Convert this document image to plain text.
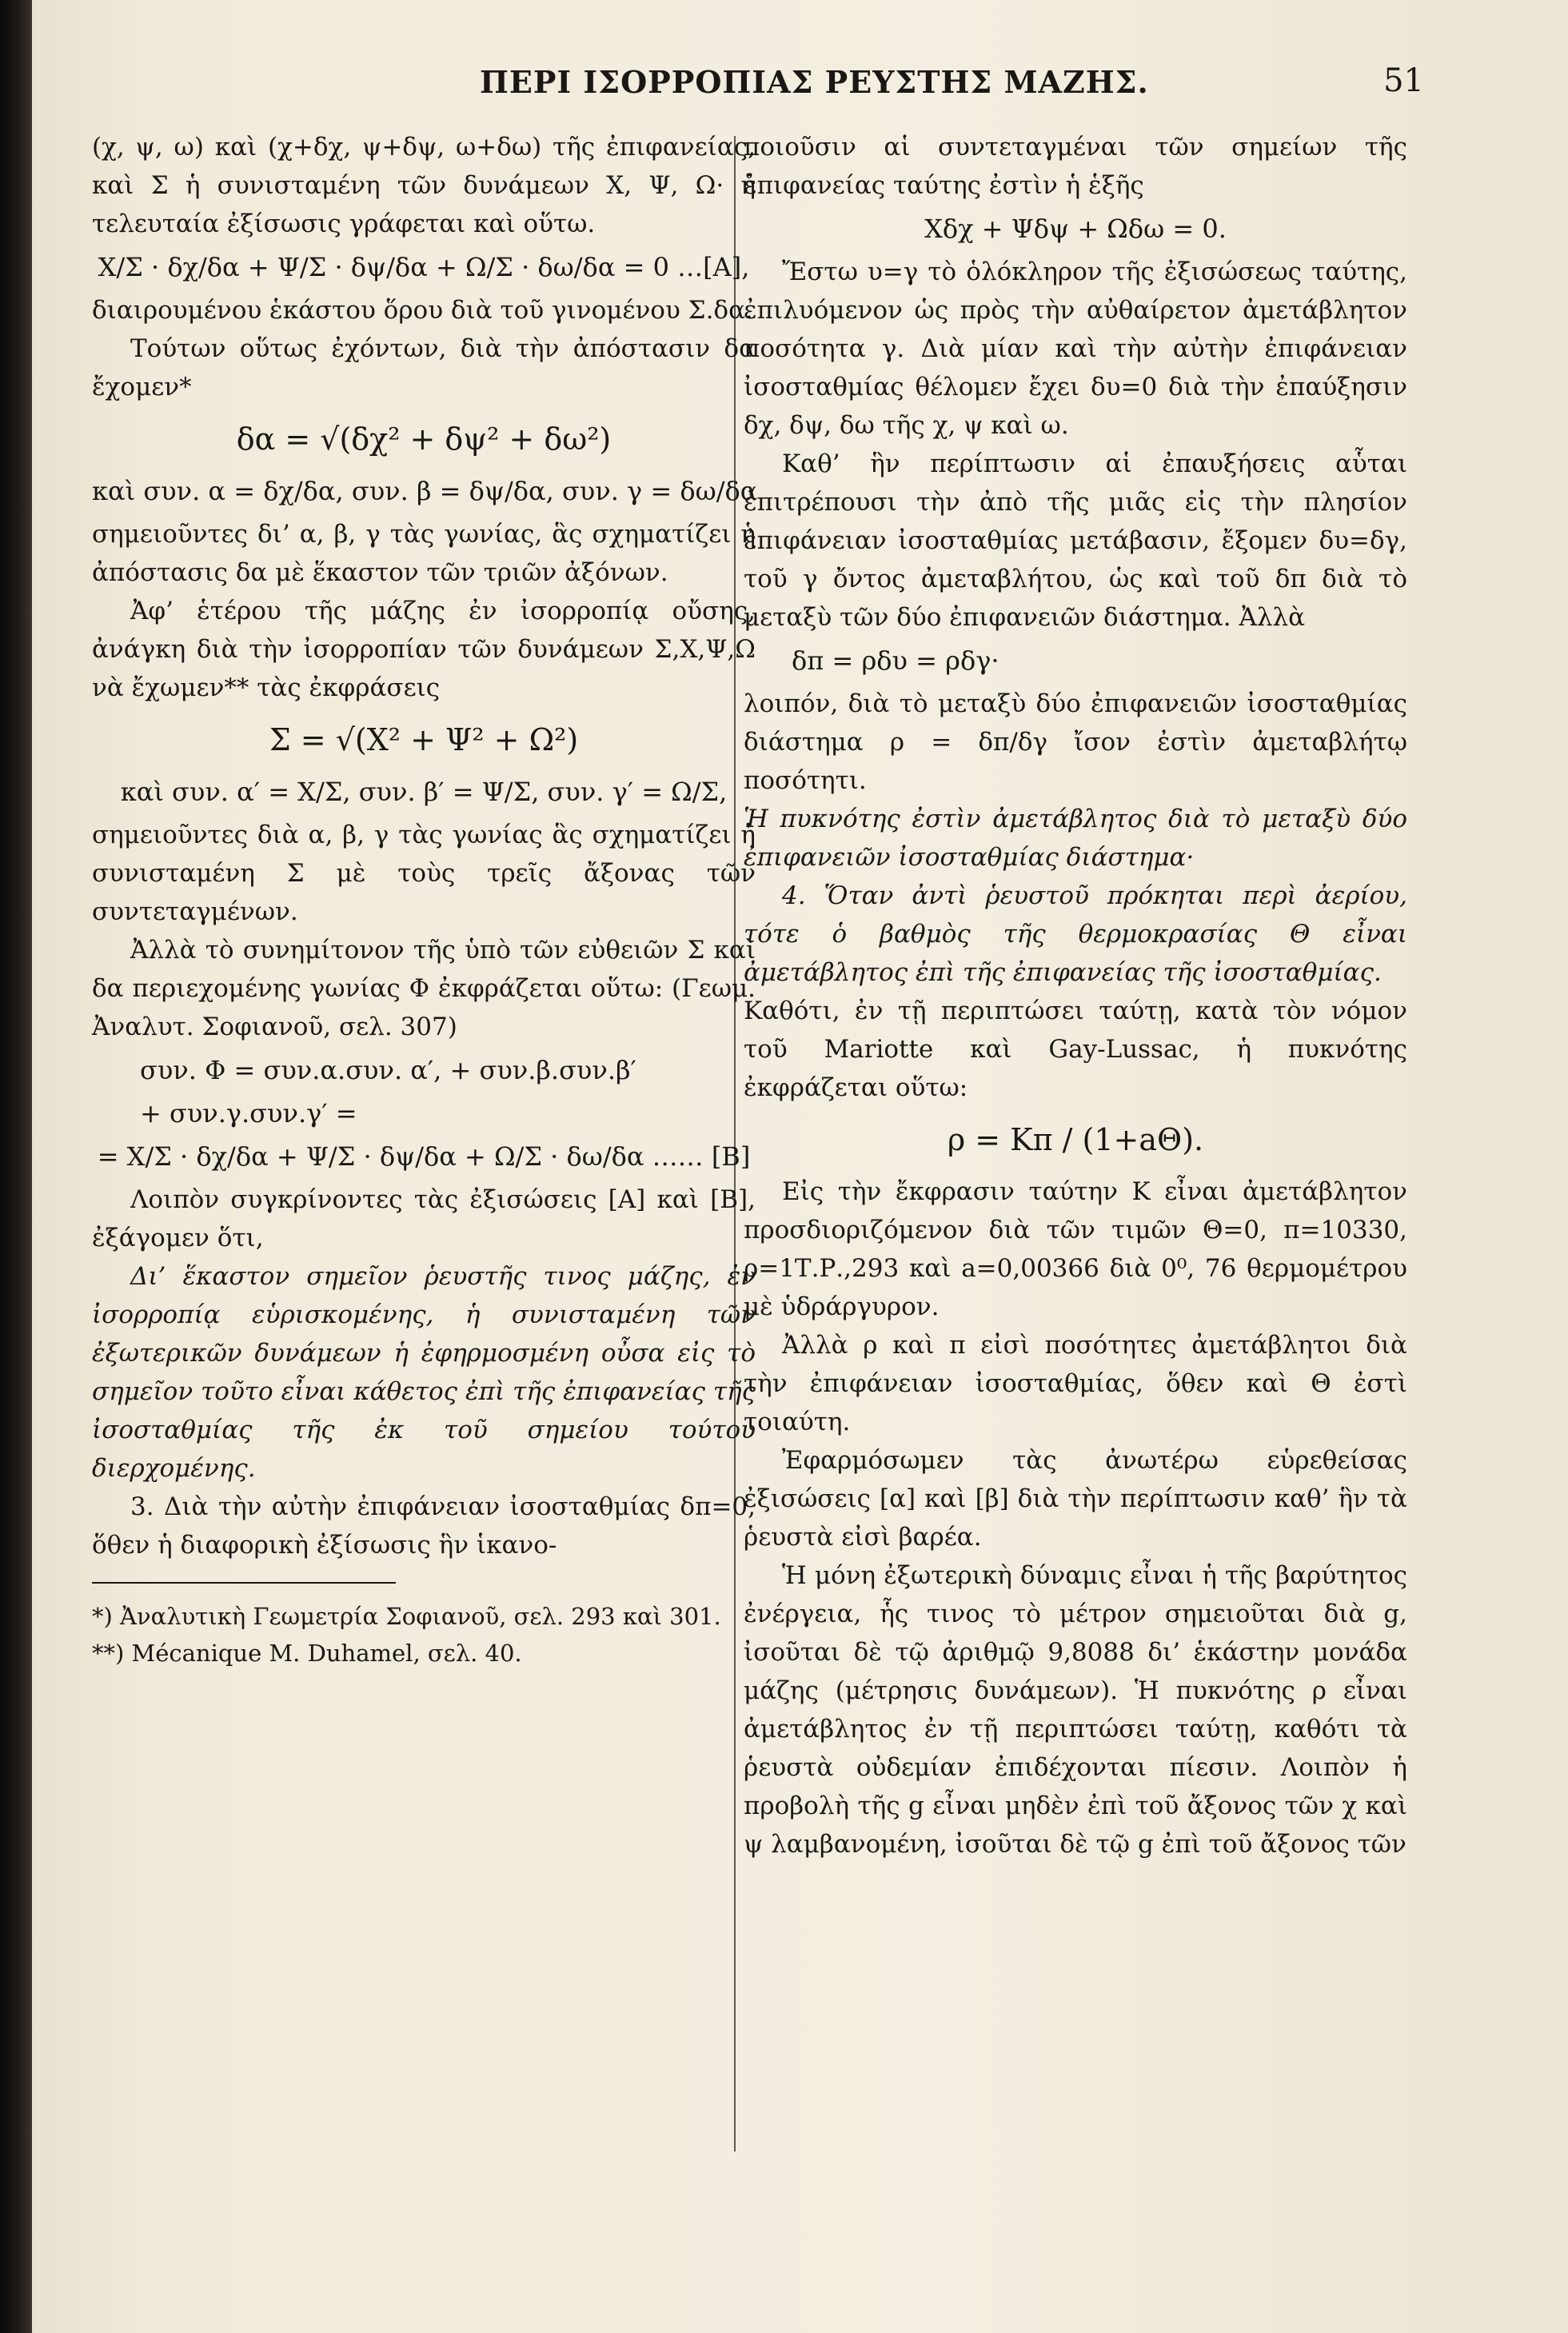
ΠΕΡΙ ΙΣΟΡΡΟΠΙΑΣ ΡΕΥΣΤΗΣ ΜΑΖΗΣ.	51

(χ, ψ, ω) καὶ (χ+δχ, ψ+δψ, ω+δω) τῆς ἐπιφανείας, καὶ Σ ἡ συνισταμένη τῶν δυνάμεων Χ, Ψ, Ω· ἡ τελευταία ἐξίσωσις γράφεται καὶ οὕτω.

Χ/Σ · δχ/δα + Ψ/Σ · δψ/δα + Ω/Σ · δω/δα = 0 …[Α],

διαιρουμένου ἑκάστου ὅρου διὰ τοῦ γινομένου Σ.δα.

Τούτων οὕτως ἐχόντων, διὰ τὴν ἀπόστασιν δα ἔχομεν*

δα = √(δχ² + δψ² + δω²)
καὶ συν. α = δχ/δα, συν. β = δψ/δα, συν. γ = δω/δα

σημειοῦντες δι’ α, β, γ τὰς γωνίας, ἃς σχηματίζει ἡ ἀπόστασις δα μὲ ἕκαστον τῶν τριῶν ἀξόνων.

Ἀφ’ ἑτέρου τῆς μάζης ἐν ἰσορροπίᾳ οὔσης, ἀνάγκη διὰ τὴν ἰσορροπίαν τῶν δυνάμεων Σ,Χ,Ψ,Ω νὰ ἔχωμεν** τὰς ἐκφράσεις

Σ = √(Χ² + Ψ² + Ω²)
καὶ συν. α′ = Χ/Σ, συν. β′ = Ψ/Σ, συν. γ′ = Ω/Σ,

σημειοῦντες διὰ α, β, γ τὰς γωνίας ἃς σχηματίζει ἡ συνισταμένη Σ μὲ τοὺς τρεῖς ἄξονας τῶν συντεταγμένων.

Ἀλλὰ τὸ συνημίτονον τῆς ὑπὸ τῶν εὐθειῶν Σ καὶ δα περιεχομένης γωνίας Φ ἐκφράζεται οὕτω: (Γεωμ. Ἀναλυτ. Σοφιανοῦ, σελ. 307)

συν. Φ = συν.α.συν. α′, + συν.β.συν.β′
+ συν.γ.συν.γ′ =
= Χ/Σ · δχ/δα + Ψ/Σ · δψ/δα + Ω/Σ · δω/δα …… [Β]

Λοιπὸν συγκρίνοντες τὰς ἐξισώσεις [Α] καὶ [Β], ἐξάγομεν ὅτι,

Δι’ ἕκαστον σημεῖον ῥευστῆς τινος μάζης, ἐν ἰσορροπίᾳ εὑρισκομένης, ἡ συνισταμένη τῶν ἐξωτερικῶν δυνάμεων ἡ ἐφηρμοσμένη οὖσα εἰς τὸ σημεῖον τοῦτο εἶναι κάθετος ἐπὶ τῆς ἐπιφανείας τῆς ἰσοσταθμίας τῆς ἐκ τοῦ σημείου τούτου διερχομένης.

3. Διὰ τὴν αὐτὴν ἐπιφάνειαν ἰσοσταθμίας δπ=0, ὅθεν ἡ διαφορικὴ ἐξίσωσις ἣν ἱκανο-

*) Ἀναλυτικὴ Γεωμετρία Σοφιανοῦ, σελ. 293 καὶ 301.

**) Mécanique M. Duhamel, σελ. 40.

ποιοῦσιν αἱ συντεταγμέναι τῶν σημείων τῆς ἐπιφανείας ταύτης ἐστὶν ἡ ἑξῆς

Χδχ + Ψδψ + Ωδω = 0.

Ἔστω υ=γ τὸ ὁλόκληρον τῆς ἐξισώσεως ταύτης, ἐπιλυόμενον ὡς πρὸς τὴν αὐθαίρετον ἀμετάβλητον ποσότητα γ. Διὰ μίαν καὶ τὴν αὐτὴν ἐπιφάνειαν ἰσοσταθμίας θέλομεν ἔχει δυ=0 διὰ τὴν ἐπαύξησιν δχ, δψ, δω τῆς χ, ψ καὶ ω.

Καθ’ ἣν περίπτωσιν αἱ ἐπαυξήσεις αὗται ἐπιτρέπουσι τὴν ἀπὸ τῆς μιᾶς εἰς τὴν πλησίον ἐπιφάνειαν ἰσοσταθμίας μετάβασιν, ἔξομεν δυ=δγ, τοῦ γ ὄντος ἀμεταβλήτου, ὡς καὶ τοῦ δπ διὰ τὸ μεταξὺ τῶν δύο ἐπιφανειῶν διάστημα. Ἀλλὰ

δπ = ρδυ = ρδγ·

λοιπόν, διὰ τὸ μεταξὺ δύο ἐπιφανειῶν ἰσοσταθμίας διάστημα ρ = δπ/δγ ἴσον ἐστὶν ἀμεταβλήτῳ ποσότητι.

Ἡ πυκνότης ἐστὶν ἀμετάβλητος διὰ τὸ μεταξὺ δύο ἐπιφανειῶν ἰσοσταθμίας διάστημα·

4. Ὅταν ἀντὶ ῥευστοῦ πρόκηται περὶ ἀερίου, τότε ὁ βαθμὸς τῆς θερμοκρασίας Θ εἶναι ἀμετάβλητος ἐπὶ τῆς ἐπιφανείας τῆς ἰσοσταθμίας.

Καθότι, ἐν τῇ περιπτώσει ταύτῃ, κατὰ τὸν νόμον τοῦ Mariotte καὶ Gay-Lussac, ἡ πυκνότης ἐκφράζεται οὕτω:

ρ = Κπ / (1+aΘ).

Εἰς τὴν ἔκφρασιν ταύτην Κ εἶναι ἀμετάβλητον προσδιοριζόμενον διὰ τῶν τιμῶν Θ=0, π=10330, ρ=1Τ.Ρ.,293 καὶ a=0,00366 διὰ 0⁰, 76 θερμομέτρου μὲ ὑδράργυρον.

Ἀλλὰ ρ καὶ π εἰσὶ ποσότητες ἀμετάβλητοι διὰ τὴν ἐπιφάνειαν ἰσοσταθμίας, ὅθεν καὶ Θ ἐστὶ τοιαύτη.

Ἐφαρμόσωμεν τὰς ἀνωτέρω εὑρεθείσας ἐξισώσεις [α] καὶ [β] διὰ τὴν περίπτωσιν καθ’ ἣν τὰ ῥευστὰ εἰσὶ βαρέα.

Ἡ μόνη ἐξωτερικὴ δύναμις εἶναι ἡ τῆς βαρύτητος ἐνέργεια, ἧς τινος τὸ μέτρον σημειοῦται διὰ g, ἰσοῦται δὲ τῷ ἀριθμῷ 9,8088 δι’ ἑκάστην μονάδα μάζης (μέτρησις δυνάμεων). Ἡ πυκνότης ρ εἶναι ἀμετάβλητος ἐν τῇ περιπτώσει ταύτῃ, καθότι τὰ ῥευστὰ οὐδεμίαν ἐπιδέχονται πίεσιν. Λοιπὸν ἡ προβολὴ τῆς g εἶναι μηδὲν ἐπὶ τοῦ ἄξονος τῶν χ καὶ ψ λαμβανομένη, ἰσοῦται δὲ τῷ g ἐπὶ τοῦ ἄξονος τῶν
